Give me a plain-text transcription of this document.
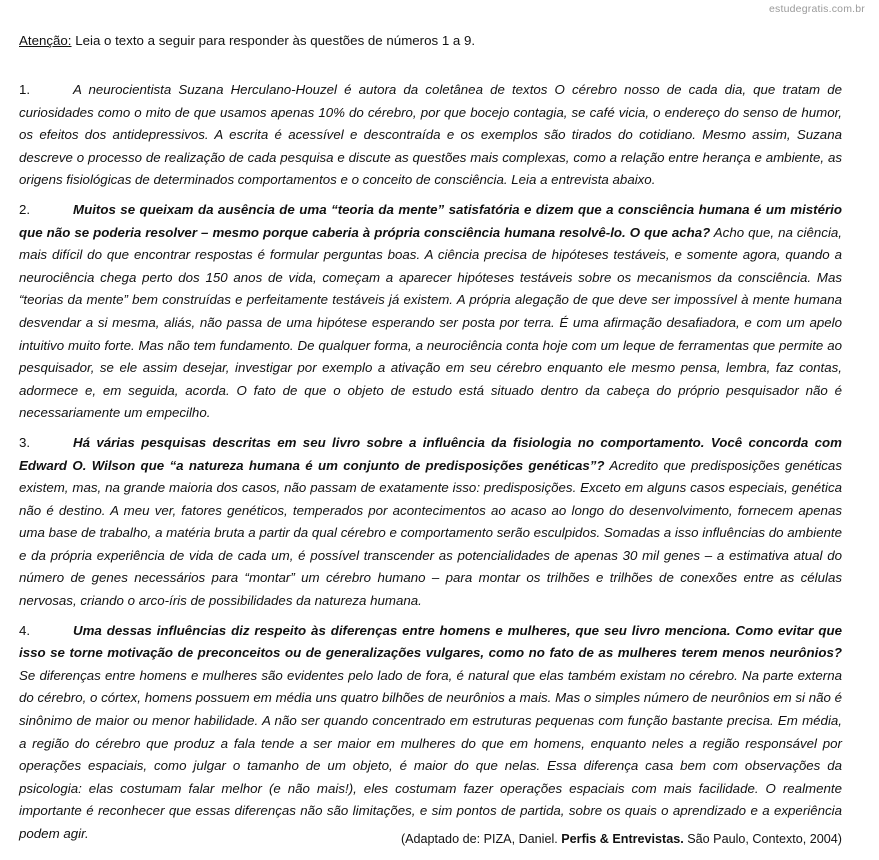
estudegratis.com.br
Atenção: Leia o texto a seguir para responder às questões de números 1 a 9.

1.	A neurocientista Suzana Herculano-Houzel é autora da coletânea de textos O cérebro nosso de cada dia, que tratam de curiosidades como o mito de que usamos apenas 10% do cérebro, por que bocejo contagia, se café vicia, o endereço do senso de humor, os efeitos dos antidepressivos. A escrita é acessível e descontraída e os exemplos são tirados do cotidiano. Mesmo assim, Suzana descreve o processo de realização de cada pesquisa e discute as questões mais complexas, como a relação entre herança e ambiente, as origens fisiológicas de determinados comportamentos e o conceito de consciência. Leia a entrevista abaixo.

2.	Muitos se queixam da ausência de uma “teoria da mente” satisfatória e dizem que a consciência humana é um mistério que não se poderia resolver – mesmo porque caberia à própria consciência humana resolvê-lo. O que acha? Acho que, na ciência, mais difícil do que encontrar respostas é formular perguntas boas. A ciência precisa de hipóteses testáveis, e somente agora, quando a neurociência chega perto dos 150 anos de vida, começam a aparecer hipóteses testáveis sobre os mecanismos da consciência. Mas “teorias da mente” bem construídas e perfeitamente testáveis já existem. A própria alegação de que deve ser impossível à mente humana desvendar a si mesma, aliás, não passa de uma hipótese esperando ser posta por terra. É uma afirmação desafiadora, e com um apelo intuitivo muito forte. Mas não tem fundamento. De qualquer forma, a neurociência conta hoje com um leque de ferramentas que permite ao pesquisador, se ele assim desejar, investigar por exemplo a ativação em seu cérebro enquanto ele mesmo pensa, lembra, faz contas, adormece e, em seguida, acorda. O fato de que o objeto de estudo está situado dentro da cabeça do próprio pesquisador não é necessariamente um empecilho.

3.	Há várias pesquisas descritas em seu livro sobre a influência da fisiologia no comportamento. Você concorda com Edward O. Wilson que “a natureza humana é um conjunto de predisposições genéticas”? Acredito que predisposições genéticas existem, mas, na grande maioria dos casos, não passam de exatamente isso: predisposições. Exceto em alguns casos especiais, genética não é destino. A meu ver, fatores genéticos, temperados por acontecimentos ao acaso ao longo do desenvolvimento, fornecem apenas uma base de trabalho, a matéria bruta a partir da qual cérebro e comportamento serão esculpidos. Somadas a isso influências do ambiente e da própria experiência de vida de cada um, é possível transcender as potencialidades de apenas 30 mil genes – a estimativa atual do número de genes necessários para “montar” um cérebro humano – para montar os trilhões e trilhões de conexões entre as células nervosas, criando o arco-íris de possibilidades da natureza humana.

4.	Uma dessas influências diz respeito às diferenças entre homens e mulheres, que seu livro menciona. Como evitar que isso se torne motivação de preconceitos ou de generalizações vulgares, como no fato de as mulheres terem menos neurônios? Se diferenças entre homens e mulheres são evidentes pelo lado de fora, é natural que elas também existam no cérebro. Na parte externa do cérebro, o córtex, homens possuem em média uns quatro bilhões de neurônios a mais. Mas o simples número de neurônios em si não é sinônimo de maior ou menor habilidade. A não ser quando concentrado em estruturas pequenas com função bastante precisa. Em média, a região do cérebro que produz a fala tende a ser maior em mulheres do que em homens, enquanto neles a região responsável por operações espaciais, como julgar o tamanho de um objeto, é maior do que nelas. Essa diferença casa bem com observações da psicologia: elas costumam falar melhor (e não mais!), eles costumam fazer operações espaciais com mais facilidade. O realmente importante é reconhecer que essas diferenças não são limitações, e sim pontos de partida, sobre os quais o aprendizado e a experiência podem agir.	(Adaptado de: PIZA, Daniel. Perfis & Entrevistas. São Paulo, Contexto, 2004)
